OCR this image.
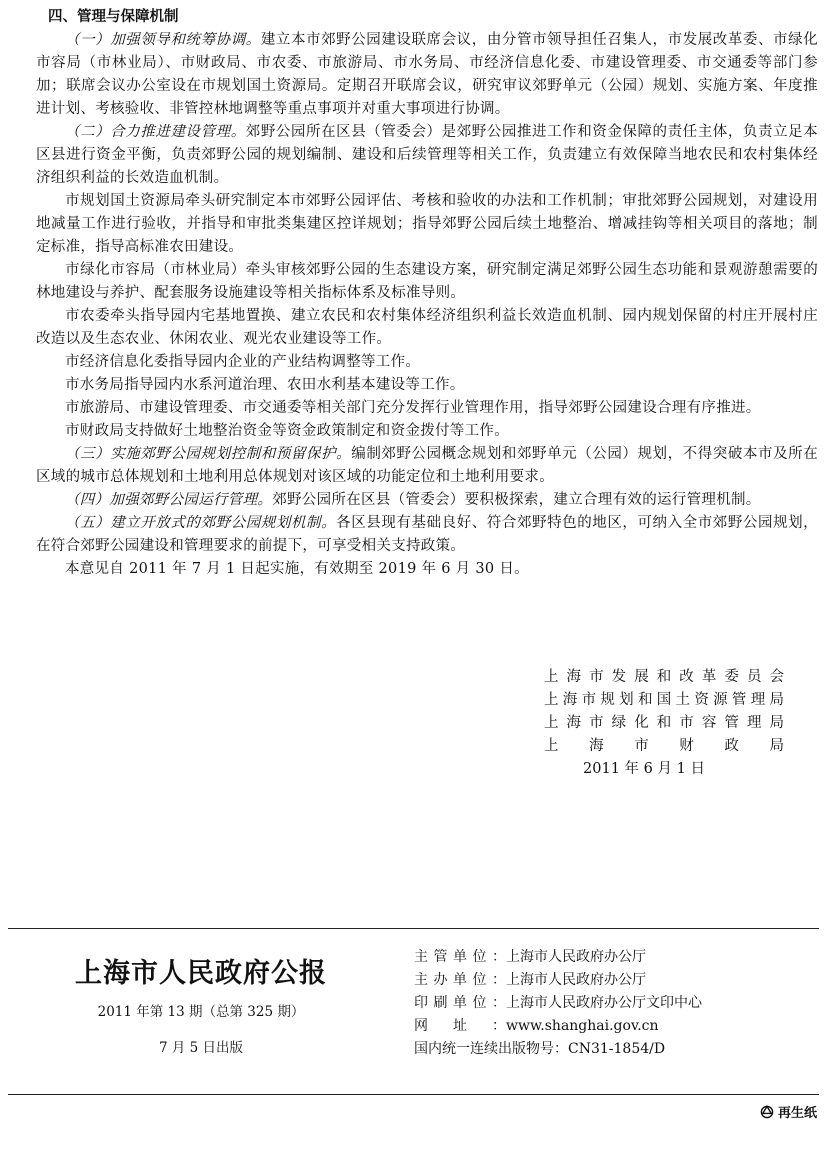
四、管理与保障机制

（一）加强领导和统筹协调。建立本市郊野公园建设联席会议，由分管市领导担任召集人，市发展改革委、市绿化市容局（市林业局）、市财政局、市农委、市旅游局、市水务局、市经济信息化委、市建设管理委、市交通委等部门参加；联席会议办公室设在市规划国土资源局。定期召开联席会议，研究审议郊野单元（公园）规划、实施方案、年度推进计划、考核验收、非管控林地调整等重点事项并对重大事项进行协调。

（二）合力推进建设管理。郊野公园所在区县（管委会）是郊野公园推进工作和资金保障的责任主体，负责立足本区县进行资金平衡，负责郊野公园的规划编制、建设和后续管理等相关工作，负责建立有效保障当地农民和农村集体经济组织利益的长效造血机制。

市规划国土资源局牵头研究制定本市郊野公园评估、考核和验收的办法和工作机制；审批郊野公园规划，对建设用地减量工作进行验收，并指导和审批类集建区控详规划；指导郊野公园后续土地整治、增减挂钩等相关项目的落地；制定标准，指导高标准农田建设。

市绿化市容局（市林业局）牵头审核郊野公园的生态建设方案，研究制定满足郊野公园生态功能和景观游憩需要的林地建设与养护、配套服务设施建设等相关指标体系及标准导则。

市农委牵头指导园内宅基地置换、建立农民和农村集体经济组织利益长效造血机制、园内规划保留的村庄开展村庄改造以及生态农业、休闲农业、观光农业建设等工作。

市经济信息化委指导园内企业的产业结构调整等工作。

市水务局指导园内水系河道治理、农田水利基本建设等工作。

市旅游局、市建设管理委、市交通委等相关部门充分发挥行业管理作用，指导郊野公园建设合理有序推进。

市财政局支持做好土地整治资金等资金政策制定和资金拨付等工作。

（三）实施郊野公园规划控制和预留保护。编制郊野公园概念规划和郊野单元（公园）规划，不得突破本市及所在区域的城市总体规划和土地利用总体规划对该区域的功能定位和土地利用要求。

（四）加强郊野公园运行管理。郊野公园所在区县（管委会）要积极探索，建立合理有效的运行管理机制。

（五）建立开放式的郊野公园规划机制。各区县现有基础良好、符合郊野特色的地区，可纳入全市郊野公园规划，在符合郊野公园建设和管理要求的前提下，可享受相关支持政策。

本意见自 2011 年 7 月 1 日起实施，有效期至 2019 年 6 月 30 日。

上海市发展和改革委员会
上海市规划和国土资源管理局
上海市绿化和市容管理局
上海市财政局
2011 年 6 月 1 日
上海市人民政府公报
2011 年第 13 期（总第 325 期）
7 月 5 日出版
主管单位：上海市人民政府办公厅
主办单位：上海市人民政府办公厅
印刷单位：上海市人民政府办公厅文印中心
网址：www.shanghai.gov.cn
国内统一连续出版物号：CN31-1854/D
再生纸
